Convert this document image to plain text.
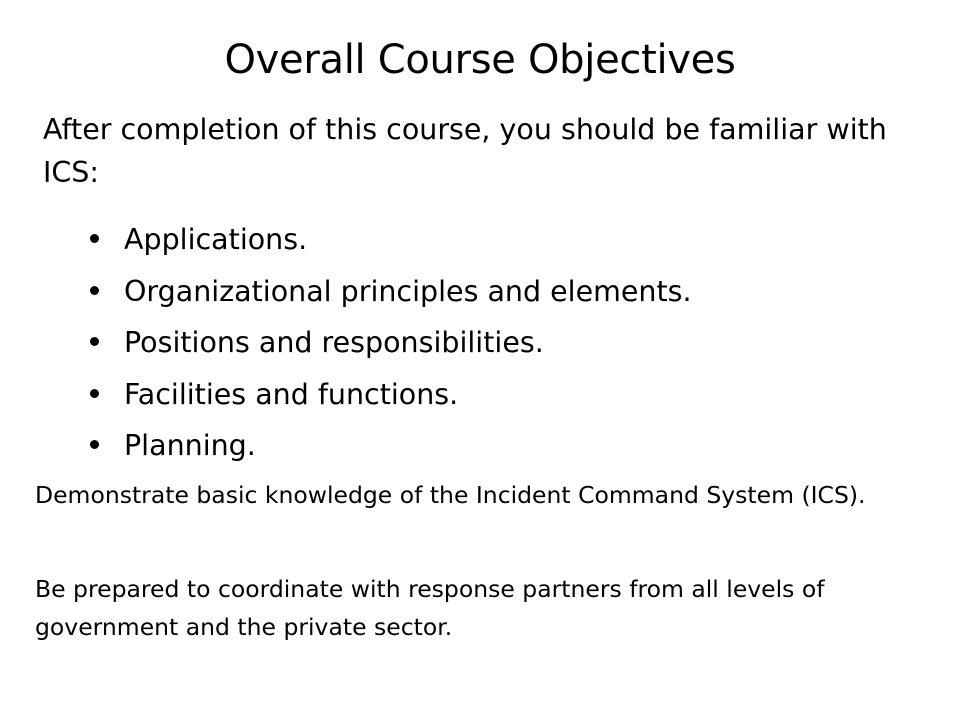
Overall Course Objectives
After completion of this course, you should be familiar with ICS:
Applications.
Organizational principles and elements.
Positions and responsibilities.
Facilities and functions.
Planning.
Demonstrate basic knowledge of the Incident Command System (ICS).
Be prepared to coordinate with response partners from all levels of government and the private sector.
